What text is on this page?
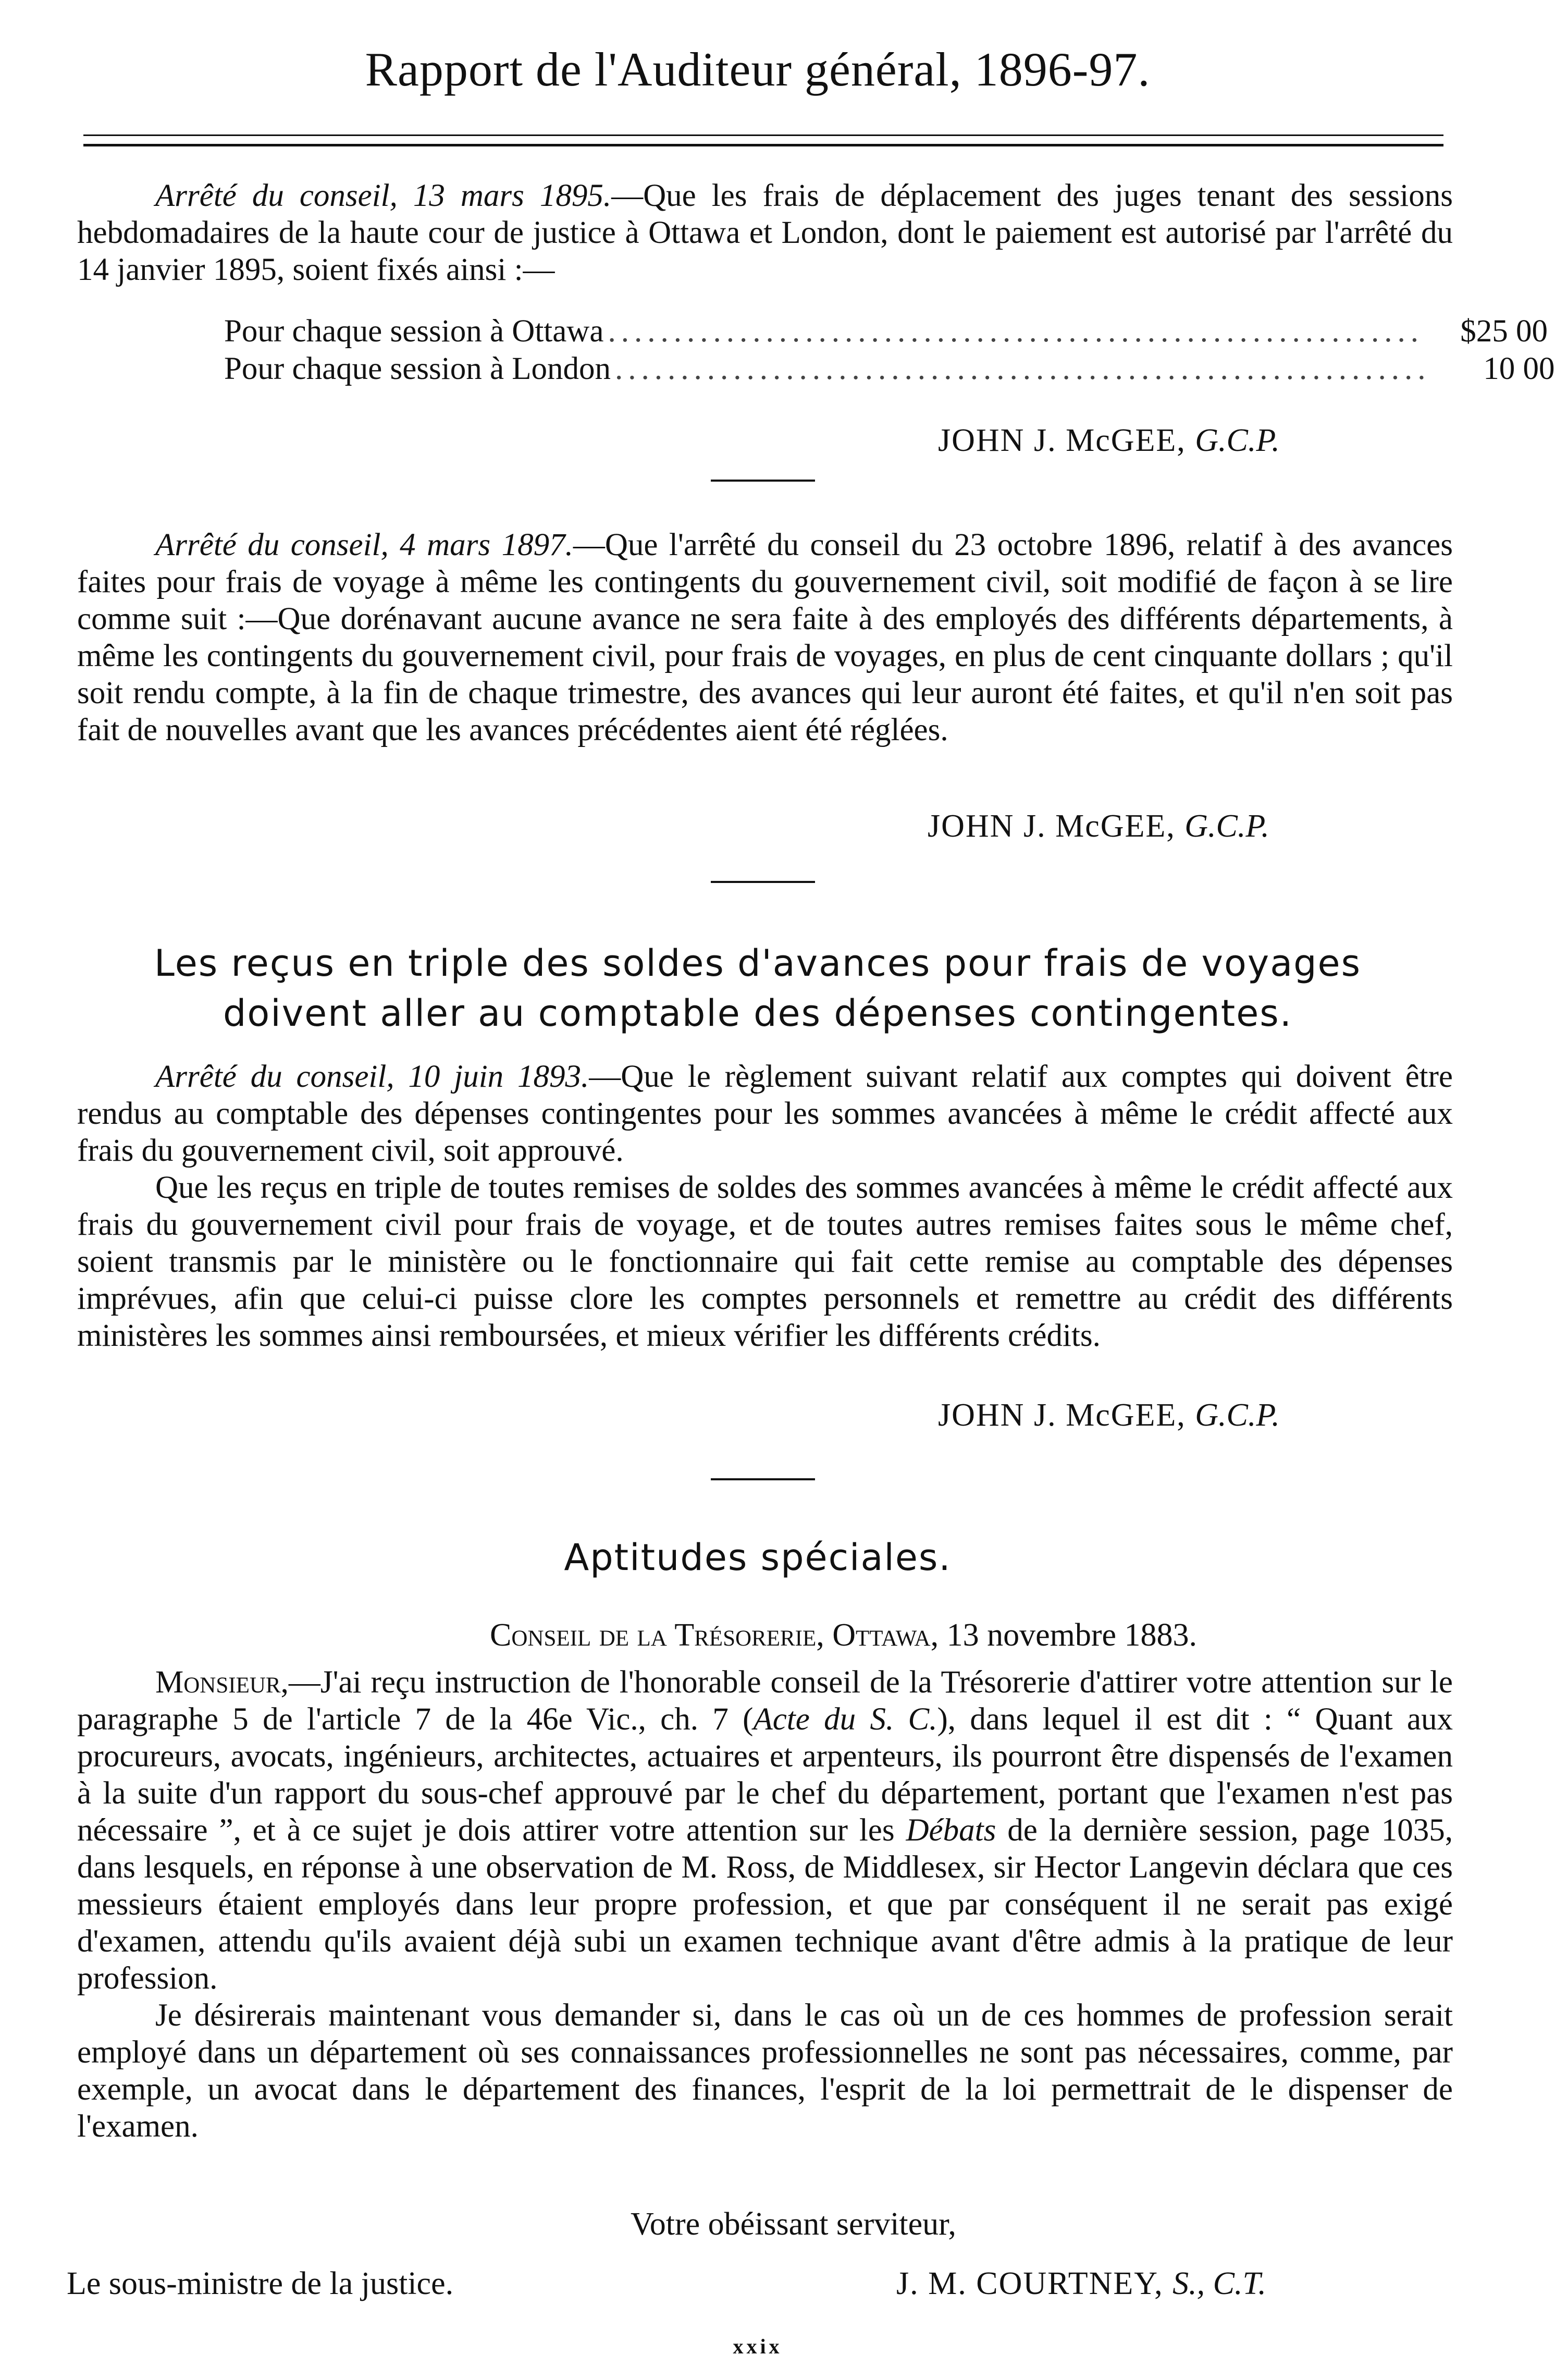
Rapport de l'Auditeur général, 1896-97.

Arrêté du conseil, 13 mars 1895.—Que les frais de déplacement des juges tenant des sessions hebdomadaires de la haute cour de justice à Ottawa et London, dont le paiement est autorisé par l'arrêté du 14 janvier 1895, soient fixés ainsi :—

Pour chaque session à Ottawa ..............................................................	$25 00
Pour chaque session à London ..............................................................	10 00
JOHN J. McGEE, G.C.P.

Arrêté du conseil, 4 mars 1897.—Que l'arrêté du conseil du 23 octobre 1896, relatif à des avances faites pour frais de voyage à même les contingents du gouvernement civil, soit modifié de façon à se lire comme suit :—Que dorénavant aucune avance ne sera faite à des employés des différents départements, à même les contingents du gouvernement civil, pour frais de voyages, en plus de cent cinquante dollars ; qu'il soit rendu compte, à la fin de chaque trimestre, des avances qui leur auront été faites, et qu'il n'en soit pas fait de nouvelles avant que les avances précédentes aient été réglées.

JOHN J. McGEE, G.C.P.
Les reçus en triple des soldes d'avances pour frais de voyages
doivent aller au comptable des dépenses contingentes.

Arrêté du conseil, 10 juin 1893.—Que le règlement suivant relatif aux comptes qui doivent être rendus au comptable des dépenses contingentes pour les sommes avancées à même le crédit affecté aux frais du gouvernement civil, soit approuvé.

Que les reçus en triple de toutes remises de soldes des sommes avancées à même le crédit affecté aux frais du gouvernement civil pour frais de voyage, et de toutes autres remises faites sous le même chef, soient transmis par le ministère ou le fonctionnaire qui fait cette remise au comptable des dépenses imprévues, afin que celui-ci puisse clore les comptes personnels et remettre au crédit des différents ministères les sommes ainsi remboursées, et mieux vérifier les différents crédits.

JOHN J. McGEE, G.C.P.
Aptitudes spéciales.
Conseil de la Trésorerie, Ottawa, 13 novembre 1883.

Monsieur,—J'ai reçu instruction de l'honorable conseil de la Trésorerie d'attirer votre attention sur le paragraphe 5 de l'article 7 de la 46e Vic., ch. 7 (Acte du S. C.), dans lequel il est dit : “ Quant aux procureurs, avocats, ingénieurs, architectes, actuaires et arpenteurs, ils pourront être dispensés de l'examen à la suite d'un rapport du sous-chef approuvé par le chef du département, portant que l'examen n'est pas nécessaire ”, et à ce sujet je dois attirer votre attention sur les Débats de la dernière session, page 1035, dans lesquels, en réponse à une observation de M. Ross, de Middlesex, sir Hector Langevin déclara que ces messieurs étaient employés dans leur propre profession, et que par conséquent il ne serait pas exigé d'examen, attendu qu'ils avaient déjà subi un examen technique avant d'être admis à la pratique de leur profession.

Je désirerais maintenant vous demander si, dans le cas où un de ces hommes de profession serait employé dans un département où ses connaissances professionnelles ne sont pas nécessaires, comme, par exemple, un avocat dans le département des finances, l'esprit de la loi permettrait de le dispenser de l'examen.

Votre obéissant serviteur,
Le sous-ministre de la justice.	J. M. COURTNEY, S., C.T.
xxix
